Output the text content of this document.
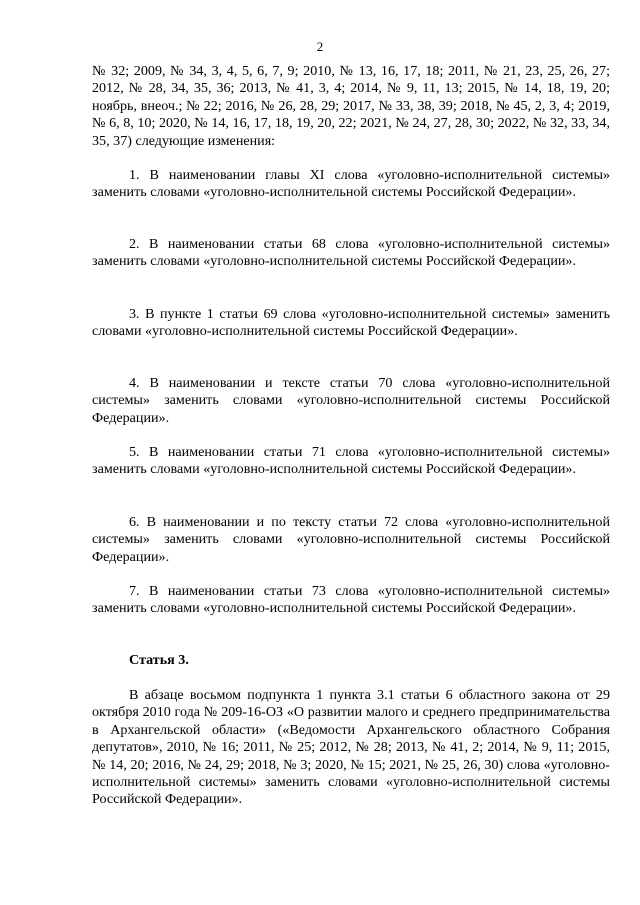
2
№ 32; 2009, № 34, 3, 4, 5, 6, 7, 9; 2010, № 13, 16, 17, 18; 2011, № 21, 23, 25, 26, 27; 2012, № 28, 34, 35, 36; 2013, № 41, 3, 4; 2014, № 9, 11, 13; 2015, № 14, 18, 19, 20; ноябрь, внеоч.; № 22; 2016, № 26, 28, 29; 2017, № 33, 38, 39; 2018, № 45, 2, 3, 4; 2019, № 6, 8, 10; 2020, № 14, 16, 17, 18, 19, 20, 22; 2021, № 24, 27, 28, 30; 2022, № 32, 33, 34, 35, 37) следующие изменения:
1. В наименовании главы XI слова «уголовно-исполнительной системы» заменить словами «уголовно-исполнительной системы Российской Федерации».
2. В наименовании статьи 68 слова «уголовно-исполнительной системы» заменить словами «уголовно-исполнительной системы Российской Федерации».
3. В пункте 1 статьи 69 слова «уголовно-исполнительной системы» заменить словами «уголовно-исполнительной системы Российской Федерации».
4. В наименовании и тексте статьи 70 слова «уголовно-исполнительной системы» заменить словами «уголовно-исполнительной системы Российской Федерации».
5. В наименовании статьи 71 слова «уголовно-исполнительной системы» заменить словами «уголовно-исполнительной системы Российской Федерации».
6. В наименовании и по тексту статьи 72 слова «уголовно-исполнительной системы» заменить словами «уголовно-исполнительной системы Российской Федерации».
7. В наименовании статьи 73 слова «уголовно-исполнительной системы» заменить словами «уголовно-исполнительной системы Российской Федерации».
Статья 3.
В абзаце восьмом подпункта 1 пункта 3.1 статьи 6 областного закона от 29 октября 2010 года № 209-16-ОЗ «О развитии малого и среднего предпринимательства в Архангельской области» («Ведомости Архангельского областного Собрания депутатов», 2010, № 16; 2011, № 25; 2012, № 28; 2013, № 41, 2; 2014, № 9, 11; 2015, № 14, 20; 2016, № 24, 29; 2018, № 3; 2020, № 15; 2021, № 25, 26, 30) слова «уголовно-исполнительной системы» заменить словами «уголовно-исполнительной системы Российской Федерации».
